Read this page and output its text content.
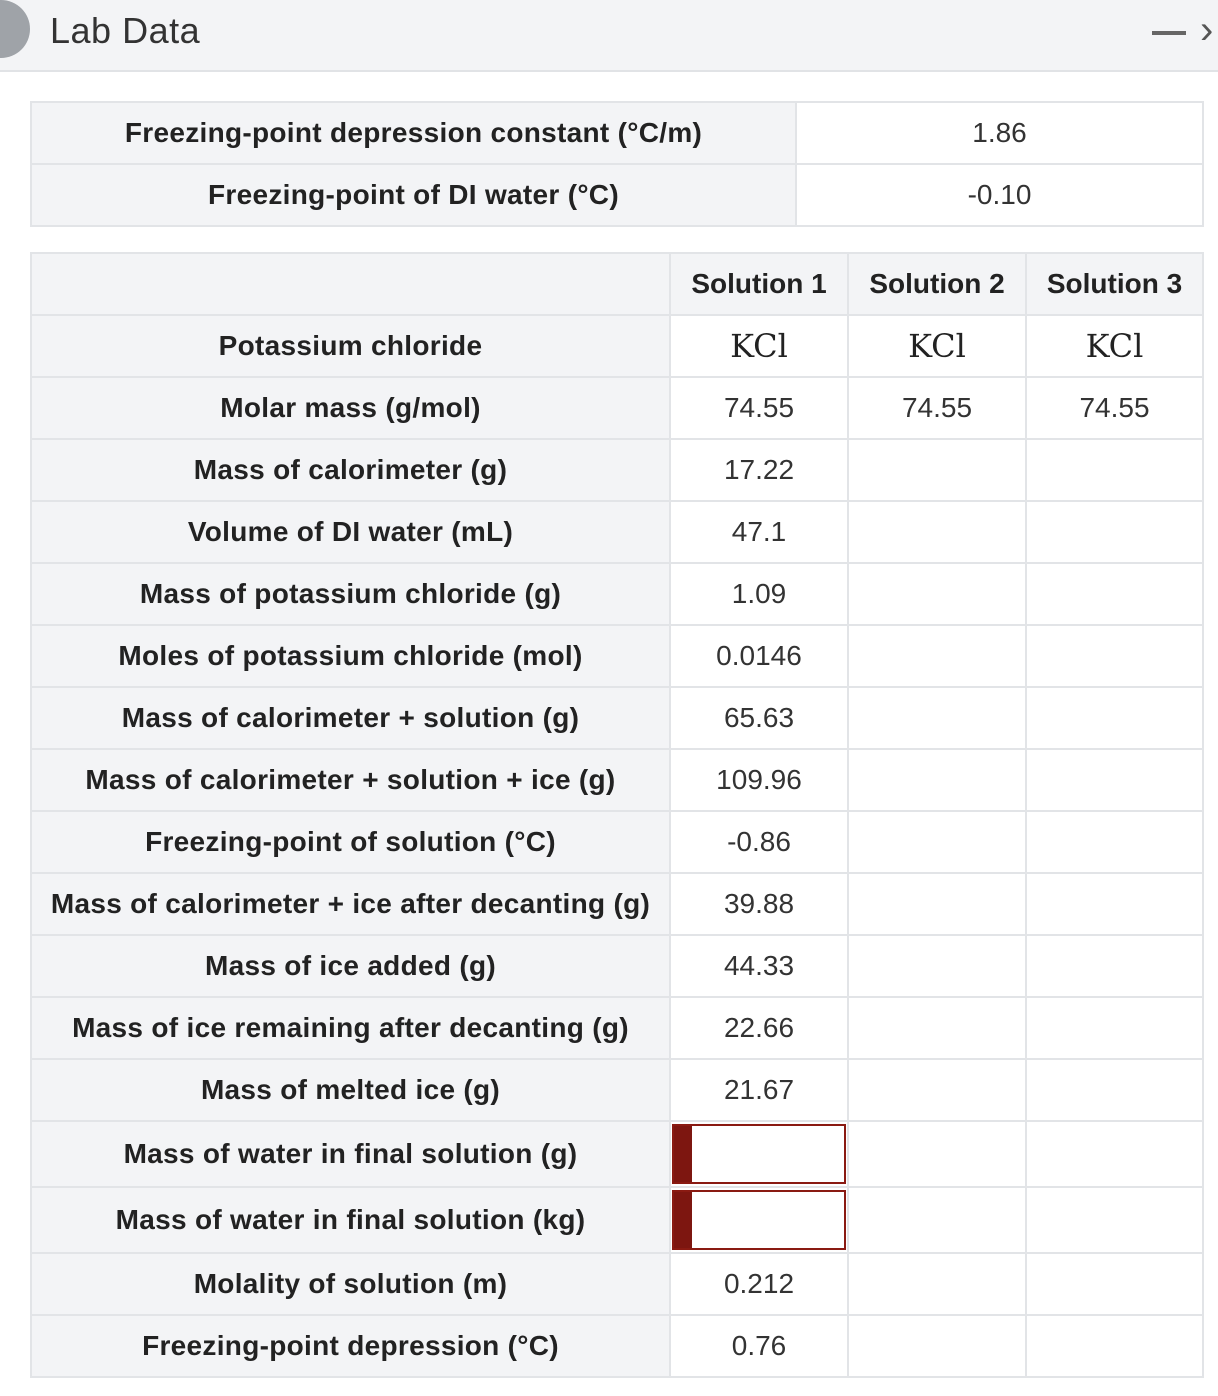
Lab Data	›
Freezing-point depression constant (°C/m)	1.86
Freezing-point of DI water (°C)	-0.10
	Solution 1	Solution 2	Solution 3
Potassium chloride	KCl	KCl	KCl
Molar mass (g/mol)	74.55	74.55	74.55
Mass of calorimeter (g)	17.22		
Volume of DI water (mL)	47.1		
Mass of potassium chloride (g)	1.09		
Moles of potassium chloride (mol)	0.0146		
Mass of calorimeter + solution (g)	65.63		
Mass of calorimeter + solution + ice (g)	109.96		
Freezing-point of solution (°C)	-0.86		
Mass of calorimeter + ice after decanting (g)	39.88		
Mass of ice added (g)	44.33		
Mass of ice remaining after decanting (g)	22.66		
Mass of melted ice (g)	21.67		
Mass of water in final solution (g)	

Mass of water in final solution (kg)	

Molality of solution (m)	0.212		
Freezing-point depression (°C)	0.76		
